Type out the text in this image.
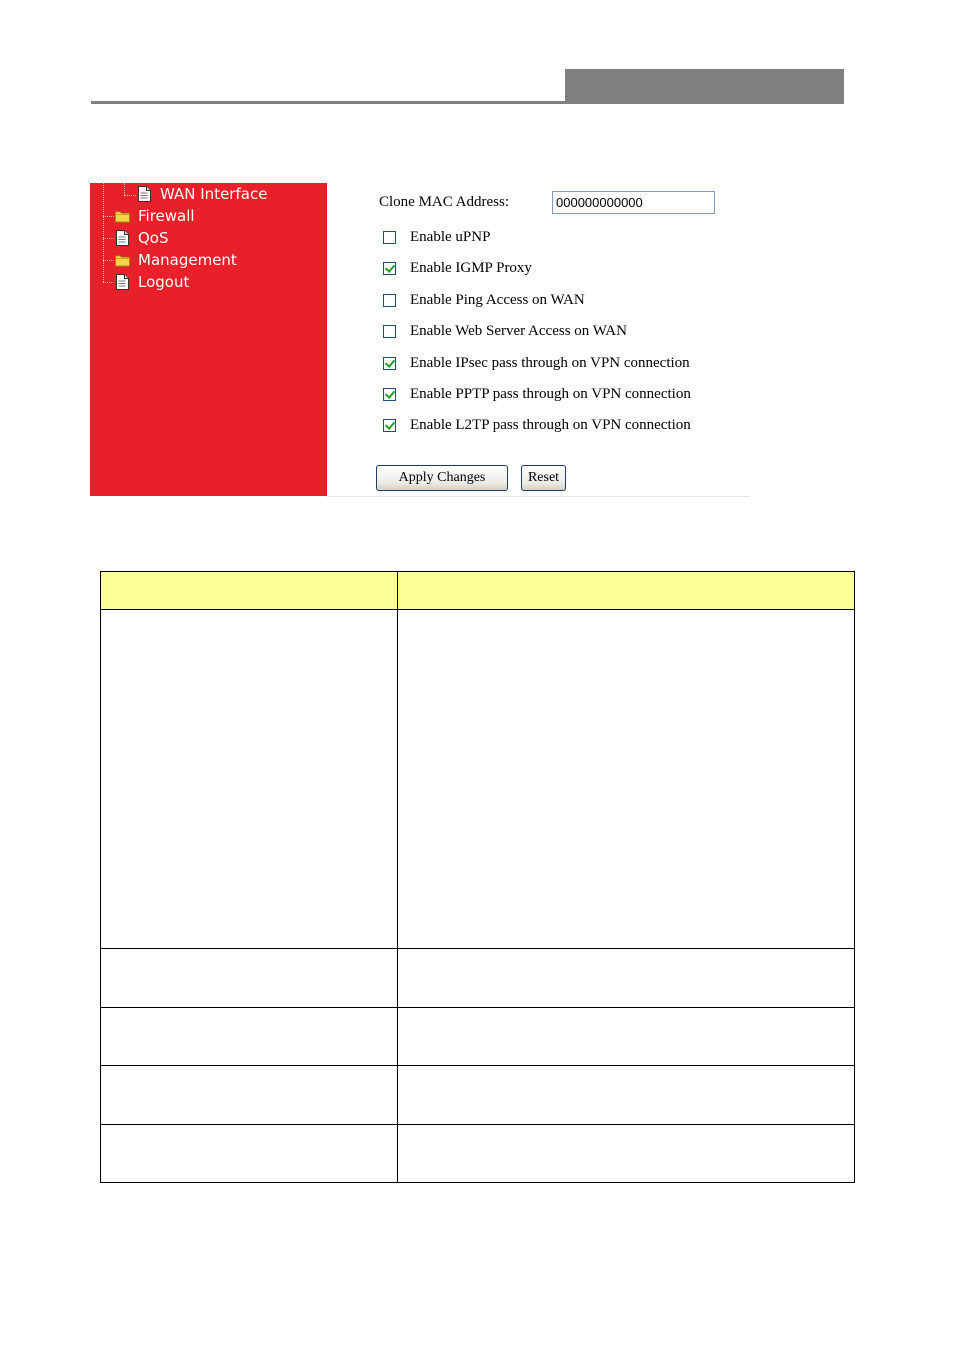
WAN Interface
Firewall
QoS
Management
Logout
Clone MAC Address:
000000000000
Enable uPNP
Enable IGMP Proxy
Enable Ping Access on WAN
Enable Web Server Access on WAN
Enable IPsec pass through on VPN connection
Enable PPTP pass through on VPN connection
Enable L2TP pass through on VPN connection
Apply Changes	Reset
